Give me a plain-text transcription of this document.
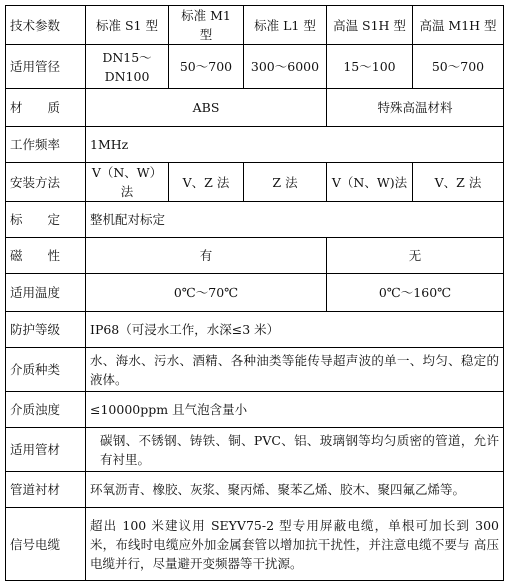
技术参数	标准 S1 型	标准 M1 型	标准 L1 型	高温 S1H 型	高温 M1H 型
适用管径	DN15～DN100	50～700	300～6000	15～100	50～700
材　　质	ABS			特殊高温材料	
工作频率	1MHz				
安装方法	V（N、W）法	V、Z 法	Z 法	V（N、W)法	V、Z 法
标　　定	整机配对标定				
磁　　性	有			无	
适用温度	0℃～70℃			0℃～160℃	
防护等级	IP68（可浸水工作，水深≤3 米）				
介质种类	水、海水、污水、酒精、各种油类等能传导超声波的单一、均匀、稳定的液体。				
介质浊度	≤10000ppm 且气泡含量小				
适用管材	碳钢、不锈钢、铸铁、铜、PVC、铝、玻璃钢等均匀质密的管道，允许有衬里。				
管道衬材	环氧沥青、橡胶、灰浆、聚丙烯、聚苯乙烯、胶木、聚四氟乙烯等。				
信号电缆	超出 100 米建议用 SEYV75-2 型专用屏蔽电缆，单根可加长到 300 米，布线时电缆应外加金属套管以增加抗干扰性，并注意电缆不要与 高压电缆并行，尽量避开变频器等干扰源。				
